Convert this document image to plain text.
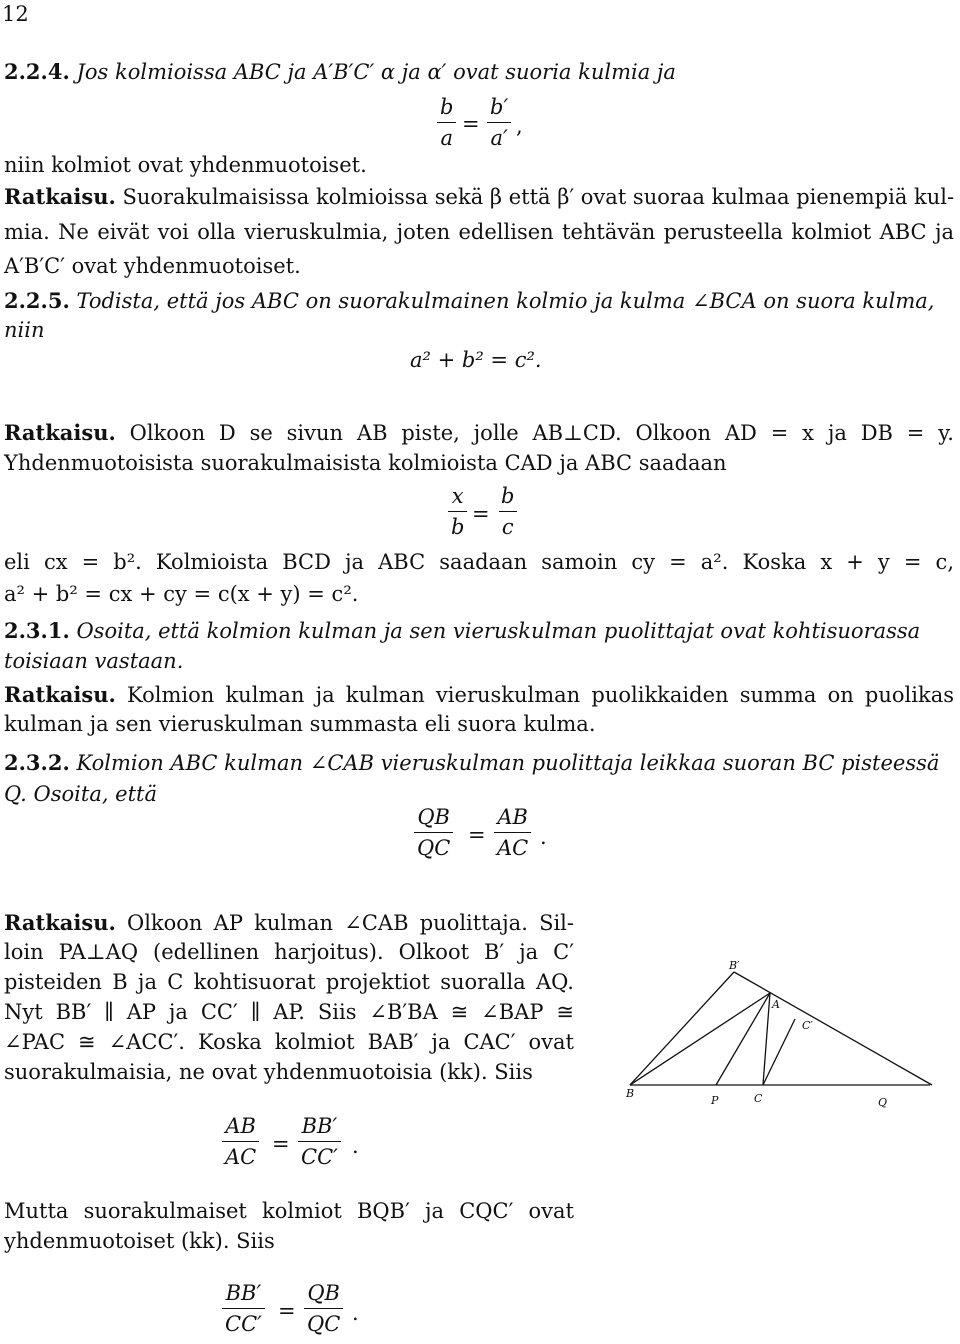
12
2.2.4. Jos kolmioissa ABC ja A′B′C′ α ja α′ ovat suoria kulmia ja
$\frac{b}{a} = \frac{b'}{a'}$ ,
niin kolmiot ovat yhdenmuotoiset.
Ratkaisu. Suorakulmaisissa kolmioissa sekä β että β′ ovat suoraa kulmaa pienempiä kul-
mia. Ne eivät voi olla vieruskulmia, joten edellisen tehtävän perusteella kolmiot ABC ja
A′B′C′ ovat yhdenmuotoiset.
2.2.5. Todista, että jos ABC on suorakulmainen kolmio ja kulma ∠BCA on suora kulma,
niin
a² + b² = c².
Ratkaisu. Olkoon D se sivun AB piste, jolle AB⊥CD. Olkoon AD = x ja DB = y.
Yhdenmuotoisista suorakulmaisista kolmioista CAD ja ABC saadaan
$\frac{x}{b} = \frac{b}{c}$
eli cx = b². Kolmioista BCD ja ABC saadaan samoin cy = a². Koska x + y = c,
a² + b² = cx + cy = c(x + y) = c².
2.3.1. Osoita, että kolmion kulman ja sen vieruskulman puolittajat ovat kohtisuorassa
toisiaan vastaan.
Ratkaisu. Kolmion kulman ja kulman vieruskulman puolikkaiden summa on puolikas
kulman ja sen vieruskulman summasta eli suora kulma.
2.3.2. Kolmion ABC kulman ∠CAB vieruskulman puolittaja leikkaa suoran BC pisteessä
Q. Osoita, että
$\frac{QB}{QC} = \frac{AB}{AC}$ .
Ratkaisu. Olkoon AP kulman ∠CAB puolittaja. Sil-
loin PA⊥AQ (edellinen harjoitus). Olkoot B′ ja C′
pisteiden B ja C kohtisuorat projektiot suoralla AQ.
Nyt BB′ ∥ AP ja CC′ ∥ AP. Siis ∠B′BA ≅ ∠BAP ≅
∠PAC ≅ ∠ACC′. Koska kolmiot BAB′ ja CAC′ ovat
suorakulmaisia, ne ovat yhdenmuotoisia (kk). Siis
$\frac{AB}{AC} = \frac{BB'}{CC'}$ .
Mutta suorakulmaiset kolmiot BQB′ ja CQC′ ovat
yhdenmuotoiset (kk). Siis
$\frac{BB'}{CC'} = \frac{QB}{QC}$ .
B′
A
C′
B
P	C	Q
